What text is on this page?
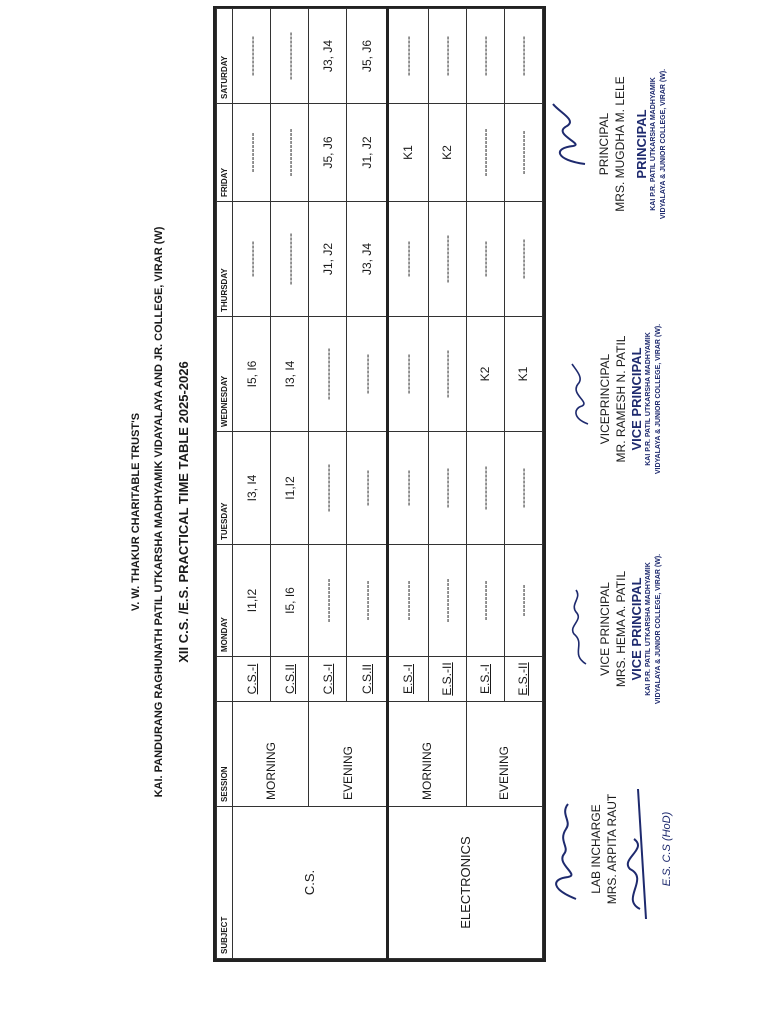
V. W. THAKUR CHARITABLE TRUST'S KAI. PANDURANG RAGHUNATH PATIL UTKARSHA MADHYAMIK VIDAYALAYA AND JR. COLLEGE, VIRAR (W) XII C.S. /E.S. PRACTICAL TIME TABLE 2025-2026
SUBJECT	SESSION		MONDAY	TUESDAY	WEDNESDAY	THURSDAY	FRIDAY	SATURDAY
C.S.	MORNING	C.S.-I	I1,I2	I3, I4	I5, I6	---------	----------	----------
		C.S.II	I5, I6	I1,I2	I3, I4	-------------	------------	------------
	EVENING	C.S.-I	-----------	------------	-------------	J1, J2	J5, J6	J3, J4
		C.S.II	----------	---------	----------	J3, J4	J1, J2	J5, J6
ELECTRONICS	MORNING	E.S.-I	----------	---------	----------	---------	K1	----------
		E.S.-II	-----------	----------	------------	------------	K2	----------
	EVENING	E.S.-I	----------	-----------	K2	---------	------------	----------
		E.S.-II	--------	----------	K1	----------	-----------	----------
LAB INCHARGE MRS. ARPITA RAUT	E.S. C.S (HoD)
VICE PRINCIPAL MRS. HEMA A. PATIL VICE PRINCIPAL KAI P.R. PATIL UTKARSHA MADHYAMIK VIDYALAYA & JUNIOR COLLEGE, VIRAR (W).
VICEPRINCIPAL MR. RAMESH N. PATIL VICE PRINCIPAL KAI P.R. PATIL UTKARSHA MADHYAMIK VIDYALAYA & JUNIOR COLLEGE, VIRAR (W).
PRINCIPAL MRS. MUGDHA M. LELE PRINCIPAL KAI P.R. PATIL UTKARSHA MADHYAMIK VIDYALAYA & JUNIOR COLLEGE, VIRAR (W).
